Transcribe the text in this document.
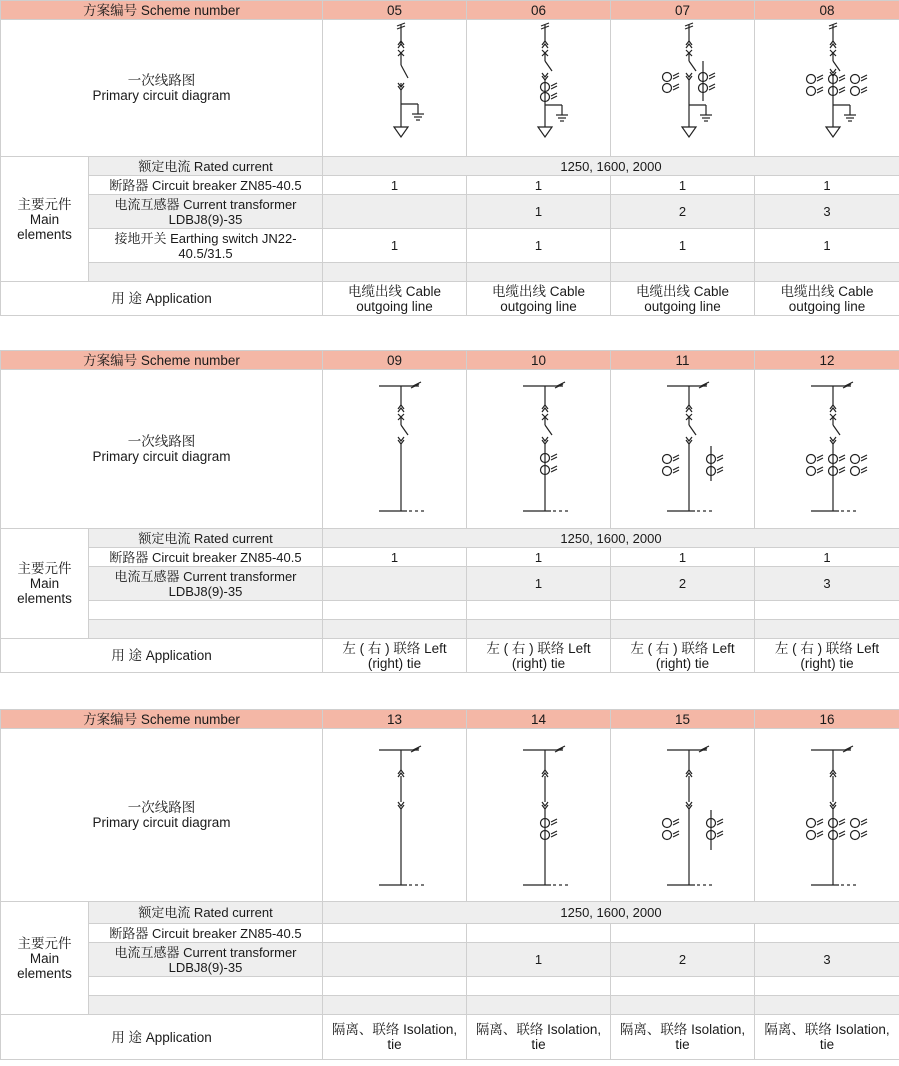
方案编号 Scheme number		05	06	07	08

一次线路图
Primary circuit diagram

主要元件
Main
elements	额定电流 Rated current	1250, 1600, 2000			
	断路器 Circuit breaker ZN85-40.5	1	1	1	1

	电流互感器 Current transformer
LDBJ8(9)-35		1	2	3

	接地开关 Earthing switch JN22-
40.5/31.5	1	1	1	1

用 途 Application		电缆出线 Cable
outgoing line	电缆出线 Cable
outgoing line	电缆出线 Cable
outgoing line	电缆出线 Cable
outgoing line
方案编号 Scheme number		09	10	11	12

一次线路图
Primary circuit diagram

主要元件
Main
elements	额定电流 Rated current	1250, 1600, 2000			
	断路器 Circuit breaker ZN85-40.5	1	1	1	1

	电流互感器 Current transformer
LDBJ8(9)-35		1	2	3

用 途 Application		左 ( 右 ) 联络 Left
(right) tie	左 ( 右 ) 联络 Left
(right) tie	左 ( 右 ) 联络 Left
(right) tie	左 ( 右 ) 联络 Left
(right) tie
方案编号 Scheme number		13	14	15	16

一次线路图
Primary circuit diagram

主要元件
Main
elements	额定电流 Rated current	1250, 1600, 2000			
	断路器 Circuit breaker ZN85-40.5				

	电流互感器 Current transformer
LDBJ8(9)-35		1	2	3

用 途 Application		隔离、联络 Isolation,
tie	隔离、联络 Isolation,
tie	隔离、联络 Isolation,
tie	隔离、联络 Isolation,
tie
